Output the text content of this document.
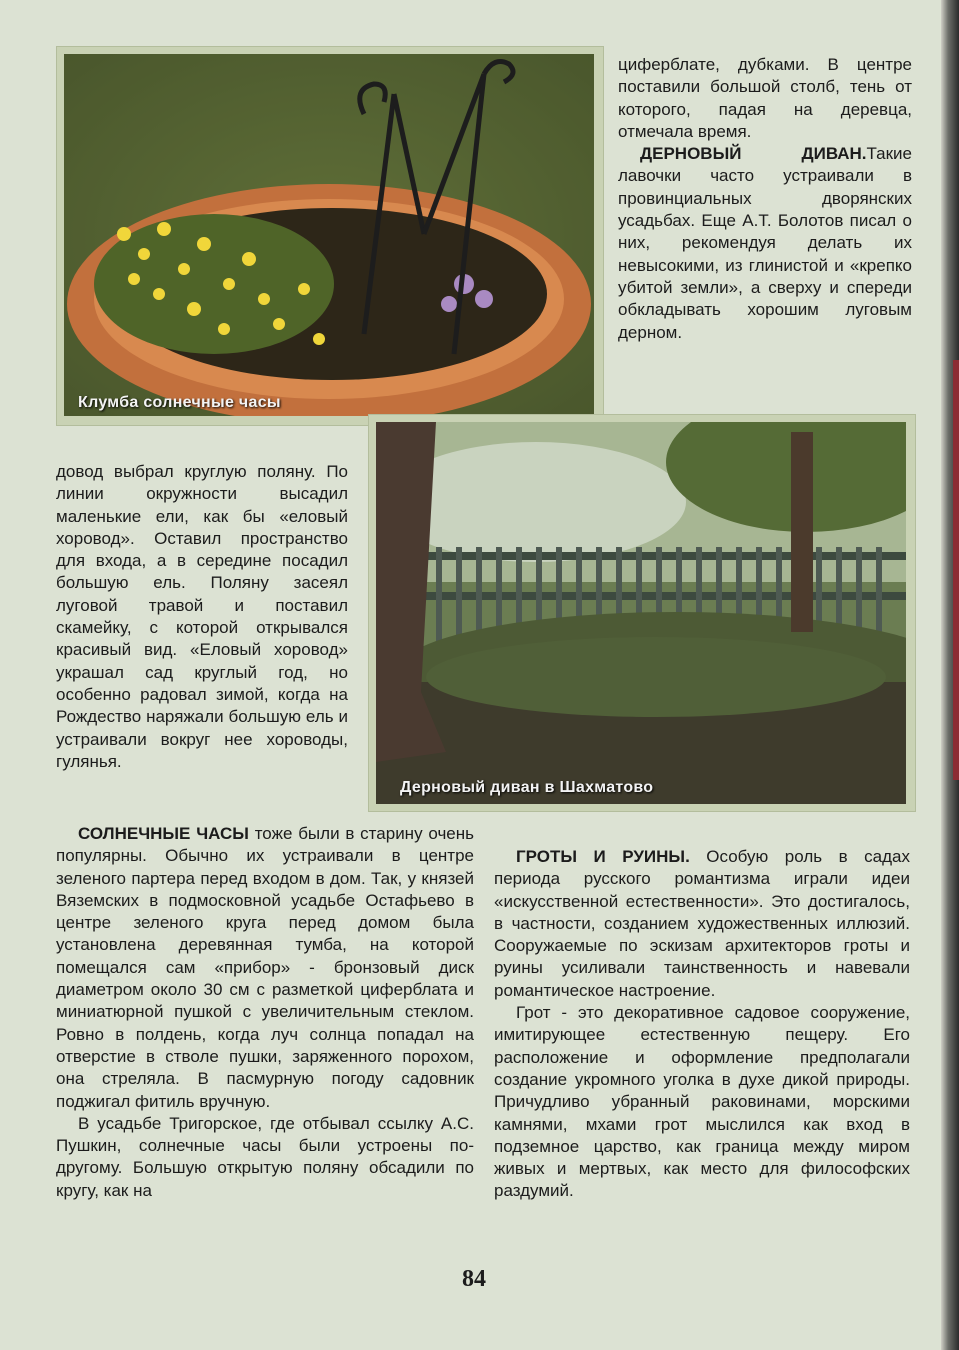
Клумба солнечные часы

циферблате, дубками. В центре поставили большой столб, тень от которого, падая на деревца, отмечала время.

ДЕРНОВЫЙ ДИВАН.Такие лавочки часто устраивали в провинциальных дворянских усадьбах. Еще А.Т. Болотов писал о них, рекомендуя делать их невысокими, из глинистой и «крепко убитой земли», а сверху и спереди обкладывать хорошим луговым дерном.

Дерновый диван в Шахматово

довод выбрал круглую поляну. По линии окружности высадил маленькие ели, как бы «еловый хоровод». Оставил пространство для входа, а в середине посадил большую ель. Поляну засеял луговой травой и поставил скамейку, с которой открывался красивый вид. «Еловый хоровод» украшал сад круглый год, но особенно радовал зимой, когда на Рождество наряжали большую ель и устраивали вокруг нее хороводы, гулянья.

СОЛНЕЧНЫЕ ЧАСЫ тоже были в старину очень популярны. Обычно их устраивали в центре зеленого партера перед входом в дом. Так, у князей Вяземских в подмосковной усадьбе Остафьево в центре зеленого круга перед домом была установлена деревянная тумба, на которой помещался сам «прибор» - бронзовый диск диаметром около 30 см с разметкой циферблата и миниатюрной пушкой с увеличительным стеклом. Ровно в полдень, когда луч солнца попадал на отверстие в стволе пушки, заряженного порохом, она стреляла. В пасмурную погоду садовник поджигал фитиль вручную.

В усадьбе Тригорское, где отбывал ссылку А.С. Пушкин, солнечные часы были устроены по-другому. Большую открытую поляну обсадили по кругу, как на

ГРОТЫ И РУИНЫ. Особую роль в садах периода русского романтизма играли идеи «искусственной естественности». Это достигалось, в частности, созданием художественных иллюзий. Сооружаемые по эскизам архитекторов гроты и руины усиливали таинственность и навевали романтическое настроение.

Грот - это декоративное садовое сооружение, имитирующее естественную пещеру. Его расположение и оформление предполагали создание укромного уголка в духе дикой природы. Причудливо убранный раковинами, морскими камнями, мхами грот мыслился как вход в подземное царство, как граница между миром живых и мертвых, как место для философских раздумий.

84
